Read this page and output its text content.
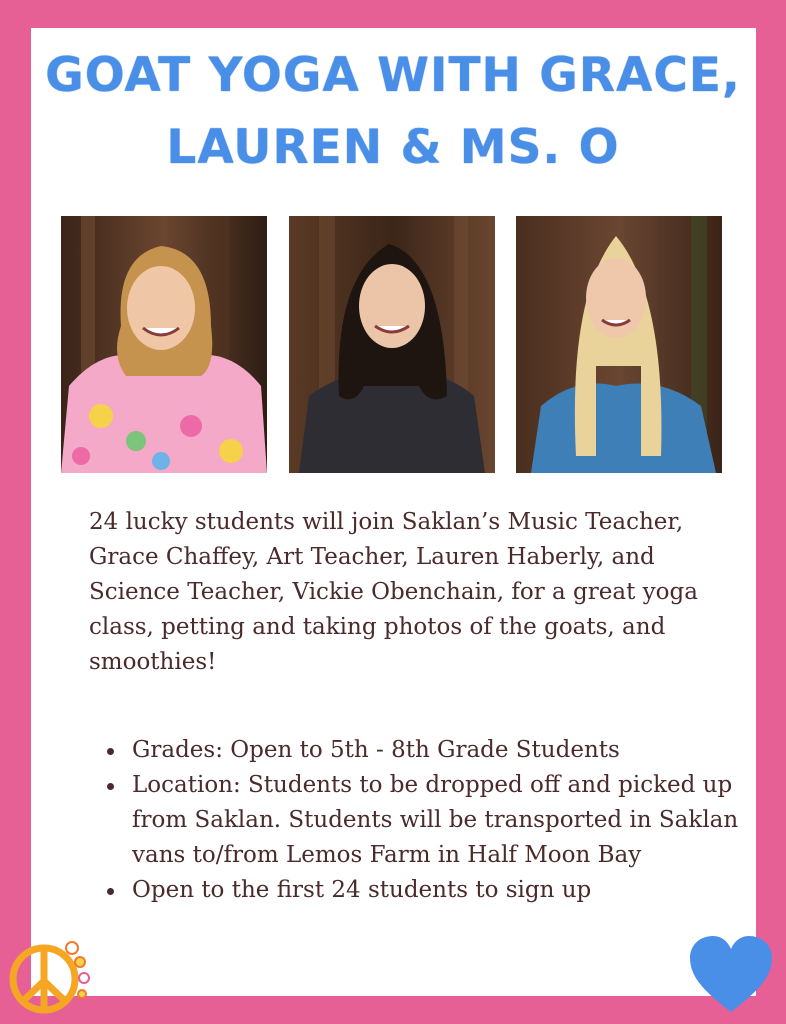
GOAT YOGA WITH GRACE,
LAUREN & MS. O

24 lucky students will join Saklan’s Music Teacher, Grace Chaffey, Art Teacher, Lauren Haberly, and Science Teacher, Vickie Obenchain, for a great yoga class, petting and taking photos of the goats, and smoothies!

Grades: Open to 5th - 8th Grade Students
Location: Students to be dropped off and picked up from Saklan. Students will be transported in Saklan vans to/from Lemos Farm in Half Moon Bay
Open to the first 24 students to sign up
